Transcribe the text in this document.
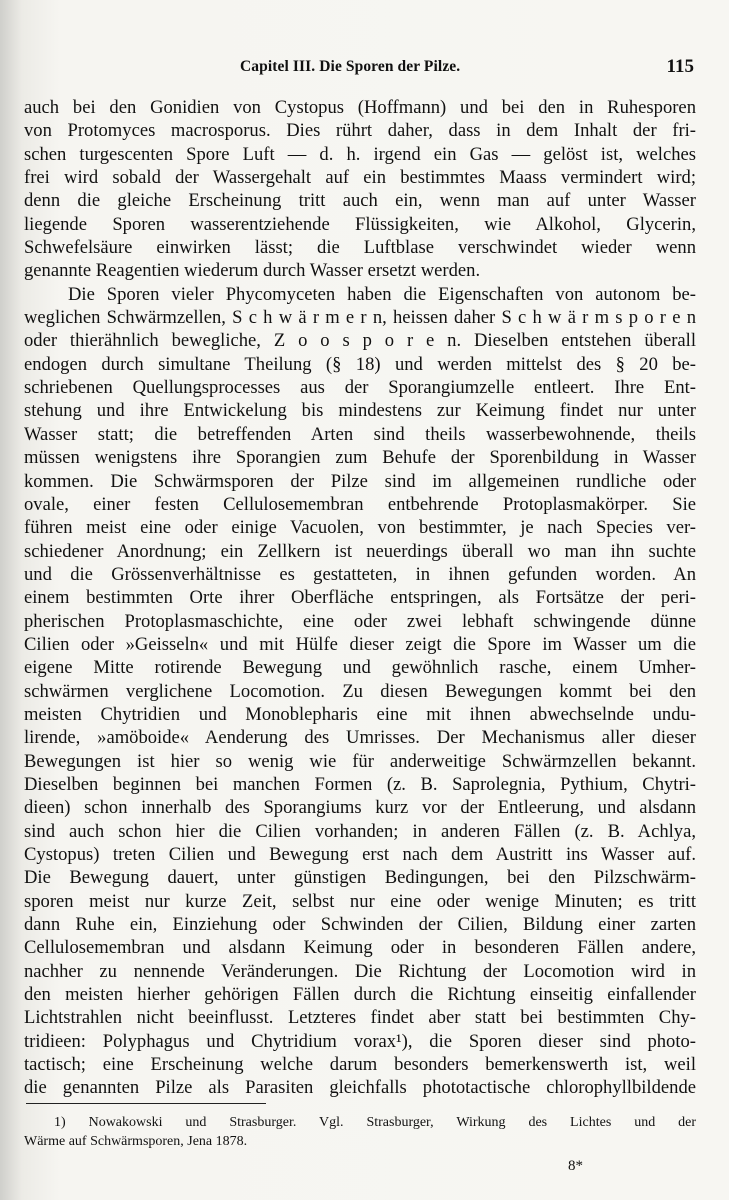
Capitel III. Die Sporen der Pilze.	115
auch bei den Gonidien von Cystopus (Hoffmann) und bei den in Ruhesporen
von Protomyces macrosporus. Dies rührt daher, dass in dem Inhalt der fri-
schen turgescenten Spore Luft — d. h. irgend ein Gas — gelöst ist, welches
frei wird sobald der Wassergehalt auf ein bestimmtes Maass vermindert wird;
denn die gleiche Erscheinung tritt auch ein, wenn man auf unter Wasser
liegende Sporen wasserentziehende Flüssigkeiten, wie Alkohol, Glycerin,
Schwefelsäure einwirken lässt; die Luftblase verschwindet wieder wenn
genannte Reagentien wiederum durch Wasser ersetzt werden.
Die Sporen vieler Phycomyceten haben die Eigenschaften von autonom be-
weglichen Schwärmzellen, S c h w ä r m e r n, heissen daher S c h w ä r m s p o r e n
oder thierähnlich bewegliche, Z o o s p o r e n. Dieselben entstehen überall
endogen durch simultane Theilung (§ 18) und werden mittelst des § 20 be-
schriebenen Quellungsprocesses aus der Sporangiumzelle entleert. Ihre Ent-
stehung und ihre Entwickelung bis mindestens zur Keimung findet nur unter
Wasser statt; die betreffenden Arten sind theils wasserbewohnende, theils
müssen wenigstens ihre Sporangien zum Behufe der Sporenbildung in Wasser
kommen. Die Schwärmsporen der Pilze sind im allgemeinen rundliche oder
ovale, einer festen Cellulosemembran entbehrende Protoplasmakörper. Sie
führen meist eine oder einige Vacuolen, von bestimmter, je nach Species ver-
schiedener Anordnung; ein Zellkern ist neuerdings überall wo man ihn suchte
und die Grössenverhältnisse es gestatteten, in ihnen gefunden worden. An
einem bestimmten Orte ihrer Oberfläche entspringen, als Fortsätze der peri-
pherischen Protoplasmaschichte, eine oder zwei lebhaft schwingende dünne
Cilien oder »Geisseln« und mit Hülfe dieser zeigt die Spore im Wasser um die
eigene Mitte rotirende Bewegung und gewöhnlich rasche, einem Umher-
schwärmen verglichene Locomotion. Zu diesen Bewegungen kommt bei den
meisten Chytridien und Monoblepharis eine mit ihnen abwechselnde undu-
lirende, »amöboide« Aenderung des Umrisses. Der Mechanismus aller dieser
Bewegungen ist hier so wenig wie für anderweitige Schwärmzellen bekannt.
Dieselben beginnen bei manchen Formen (z. B. Saprolegnia, Pythium, Chytri-
dieen) schon innerhalb des Sporangiums kurz vor der Entleerung, und alsdann
sind auch schon hier die Cilien vorhanden; in anderen Fällen (z. B. Achlya,
Cystopus) treten Cilien und Bewegung erst nach dem Austritt ins Wasser auf.
Die Bewegung dauert, unter günstigen Bedingungen, bei den Pilzschwärm-
sporen meist nur kurze Zeit, selbst nur eine oder wenige Minuten; es tritt
dann Ruhe ein, Einziehung oder Schwinden der Cilien, Bildung einer zarten
Cellulosemembran und alsdann Keimung oder in besonderen Fällen andere,
nachher zu nennende Veränderungen. Die Richtung der Locomotion wird in
den meisten hierher gehörigen Fällen durch die Richtung einseitig einfallender
Lichtstrahlen nicht beeinflusst. Letzteres findet aber statt bei bestimmten Chy-
tridieen: Polyphagus und Chytridium vorax¹), die Sporen dieser sind photo-
tactisch; eine Erscheinung welche darum besonders bemerkenswerth ist, weil
die genannten Pilze als Parasiten gleichfalls phototactische chlorophyllbildende
1) Nowakowski und Strasburger. Vgl. Strasburger, Wirkung des Lichtes und der
Wärme auf Schwärmsporen, Jena 1878.
8*
